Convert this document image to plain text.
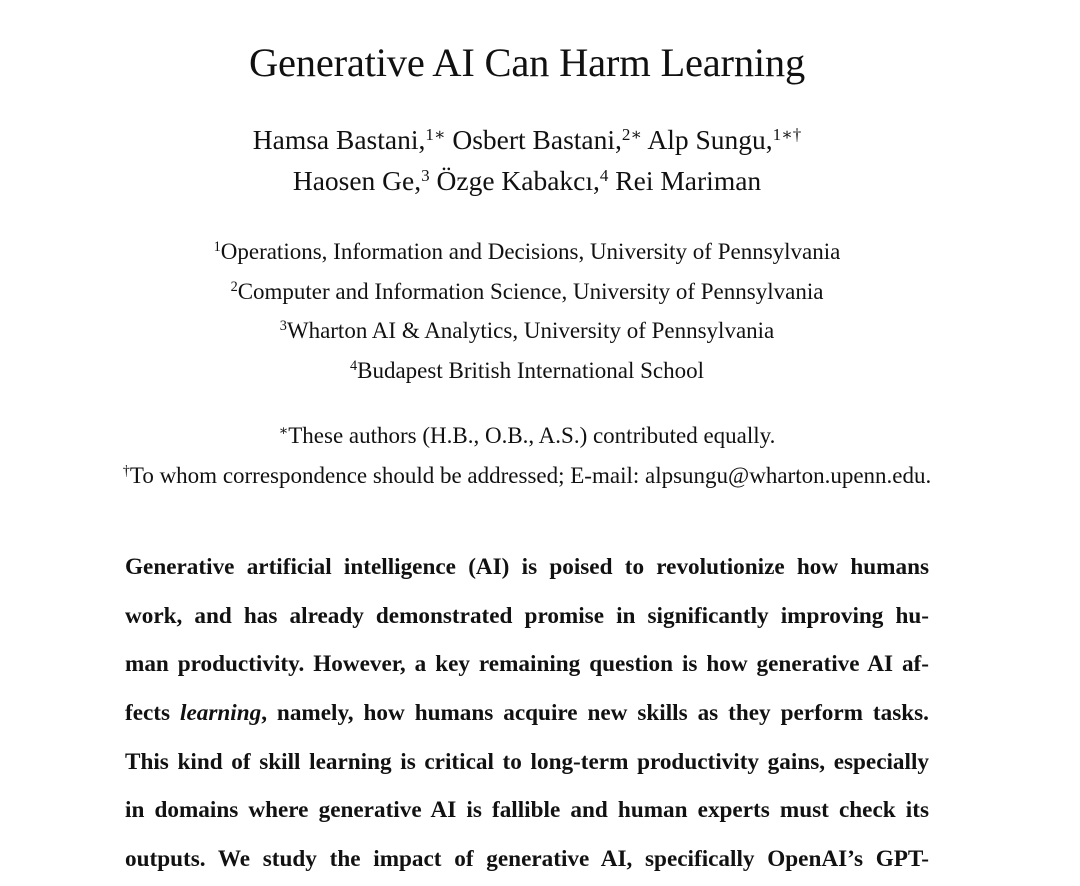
Generative AI Can Harm Learning
Hamsa Bastani,$^{1∗}$ Osbert Bastani,$^{2∗}$ Alp Sungu,$^{1∗\dagger}$
Haosen Ge,$^3$ Özge Kabakcı,$^4$ Rei Mariman
$^1$Operations, Information and Decisions, University of Pennsylvania
$^2$Computer and Information Science, University of Pennsylvania
$^3$Wharton AI & Analytics, University of Pennsylvania
$^4$Budapest British International School
∗These authors (H.B., O.B., A.S.) contributed equally.
†To whom correspondence should be addressed; E-mail: alpsungu@wharton.upenn.edu.
Generative artificial intelligence (AI) is poised to revolutionize how humans
work, and has already demonstrated promise in significantly improving hu-
man productivity. However, a key remaining question is how generative AI af-
fects learning, namely, how humans acquire new skills as they perform tasks.
This kind of skill learning is critical to long-term productivity gains, especially
in domains where generative AI is fallible and human experts must check its
outputs. We study the impact of generative AI, specifically OpenAI’s GPT-
